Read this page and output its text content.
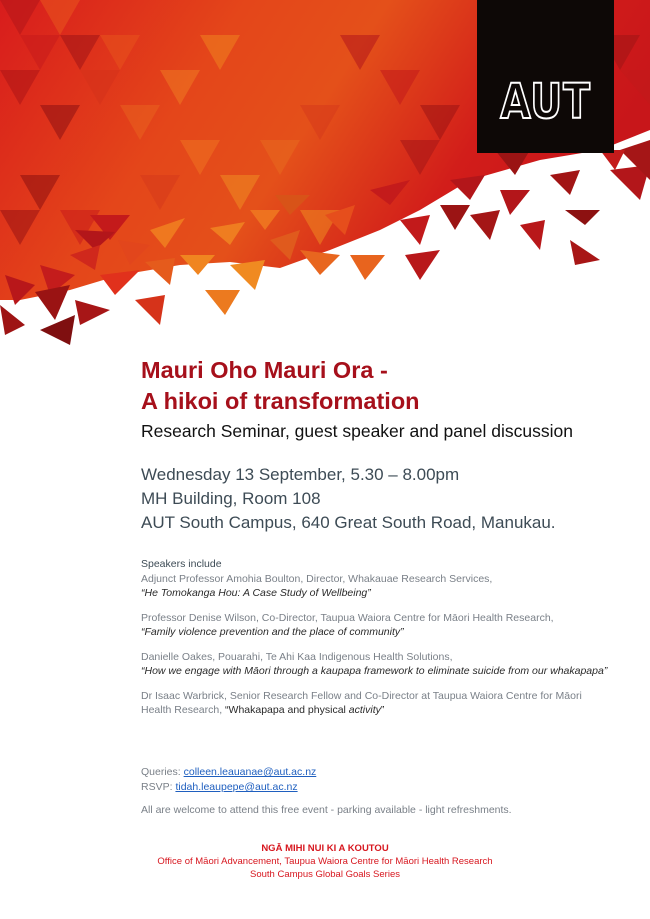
AUT
Mauri Oho Mauri Ora -
A hikoi of transformation
Research Seminar, guest speaker and panel discussion
Wednesday 13 September, 5.30 – 8.00pm
MH Building, Room 108
AUT South Campus, 640 Great South Road, Manukau.
Speakers include
Adjunct Professor Amohia Boulton, Director, Whakauae Research Services,
“He Tomokanga Hou: A Case Study of Wellbeing”
Professor Denise Wilson, Co-Director, Taupua Waiora Centre for Māori Health Research,
“Family violence prevention and the place of community”
Danielle Oakes, Pouarahi, Te Ahi Kaa Indigenous Health Solutions,
“How we engage with Māori through a kaupapa framework to eliminate suicide from our whakapapa”
Dr Isaac Warbrick, Senior Research Fellow and Co-Director at Taupua Waiora Centre for Māori Health Research, “Whakapapa and physical activity”
Queries: colleen.leauanae@aut.ac.nz
RSVP: tidah.leaupepe@aut.ac.nz
All are welcome to attend this free event - parking available - light refreshments.
NGĀ MIHI NUI KI A KOUTOU
Office of Māori Advancement, Taupua Waiora Centre for Māori Health Research
South Campus Global Goals Series
